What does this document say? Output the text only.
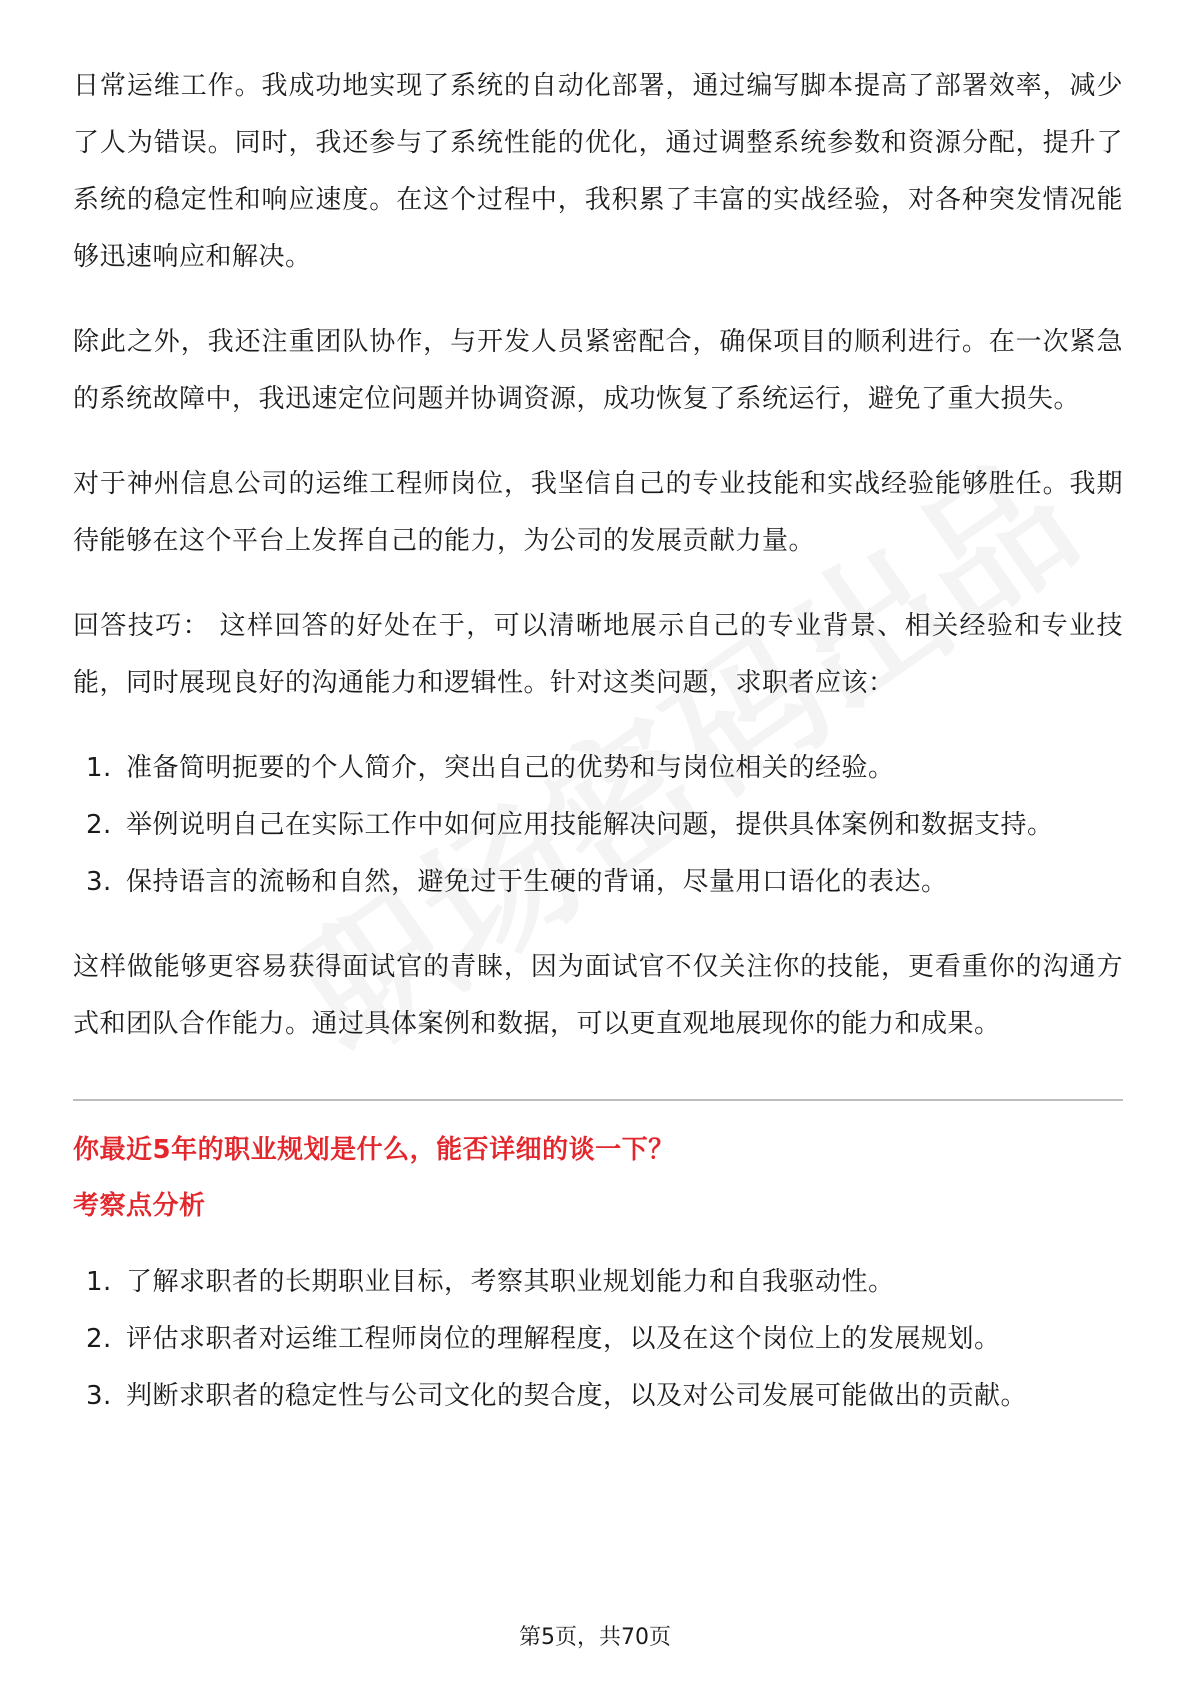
日常运维工作。我成功地实现了系统的自动化部署，通过编写脚本提高了部署效率，减少了人为错误。同时，我还参与了系统性能的优化，通过调整系统参数和资源分配，提升了系统的稳定性和响应速度。在这个过程中，我积累了丰富的实战经验，对各种突发情况能够迅速响应和解决。

除此之外，我还注重团队协作，与开发人员紧密配合，确保项目的顺利进行。在一次紧急的系统故障中，我迅速定位问题并协调资源，成功恢复了系统运行，避免了重大损失。

对于神州信息公司的运维工程师岗位，我坚信自己的专业技能和实战经验能够胜任。我期待能够在这个平台上发挥自己的能力，为公司的发展贡献力量。

回答技巧： 这样回答的好处在于，可以清晰地展示自己的专业背景、相关经验和专业技能，同时展现良好的沟通能力和逻辑性。针对这类问题，求职者应该：

1. 准备简明扼要的个人简介，突出自己的优势和与岗位相关的经验。
2. 举例说明自己在实际工作中如何应用技能解决问题，提供具体案例和数据支持。
3. 保持语言的流畅和自然，避免过于生硬的背诵，尽量用口语化的表达。

这样做能够更容易获得面试官的青睐，因为面试官不仅关注你的技能，更看重你的沟通方式和团队合作能力。通过具体案例和数据，可以更直观地展现你的能力和成果。

你最近5年的职业规划是什么，能否详细的谈一下？

考察点分析

1. 了解求职者的长期职业目标，考察其职业规划能力和自我驱动性。
2. 评估求职者对运维工程师岗位的理解程度，以及在这个岗位上的发展规划。
3. 判断求职者的稳定性与公司文化的契合度，以及对公司发展可能做出的贡献。
第5页，共70页
